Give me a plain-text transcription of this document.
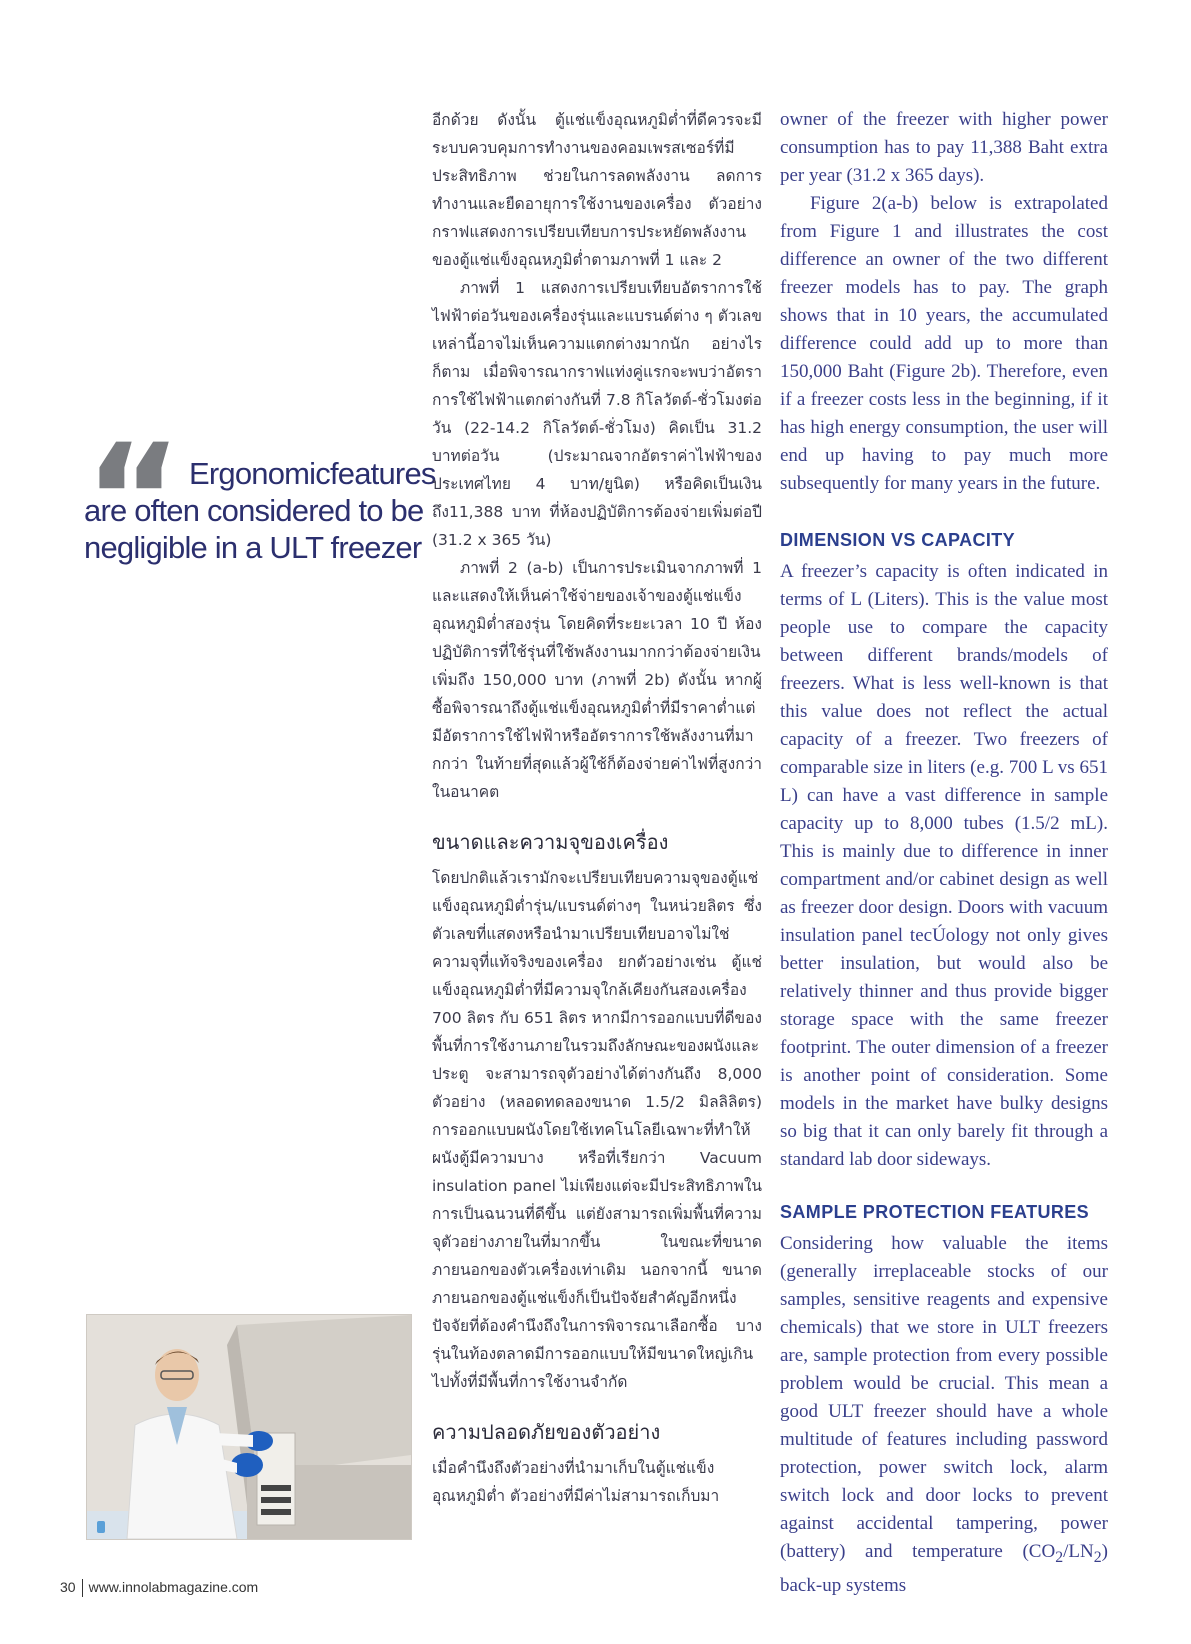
“ Ergonomicfeatures
are often considered to be
negligible in a ULT freezer

อีกด้วย ดังนั้น ตู้แช่แข็งอุณหภูมิต่ำที่ดีควรจะมีระบบควบคุมการทำงานของคอมเพรสเซอร์ที่มีประสิทธิภาพ ช่วยในการลดพลังงาน ลดการทำงานและยืดอายุการใช้งานของเครื่อง ตัวอย่างกราฟแสดงการเปรียบเทียบการประหยัดพลังงานของตู้แช่แข็งอุณหภูมิต่ำตามภาพที่ 1 และ 2

ภาพที่ 1 แสดงการเปรียบเทียบอัตราการใช้ไฟฟ้าต่อวันของเครื่องรุ่นและแบรนด์ต่าง ๆ ตัวเลขเหล่านี้อาจไม่เห็นความแตกต่างมากนัก อย่างไรก็ตาม เมื่อพิจารณากราฟแท่งคู่แรกจะพบว่าอัตราการใช้ไฟฟ้าแตกต่างกันที่ 7.8 กิโลวัตต์-ชั่วโมงต่อวัน (22-14.2 กิโลวัตต์-ชั่วโมง) คิดเป็น 31.2 บาทต่อวัน (ประมาณจากอัตราค่าไฟฟ้าของประเทศไทย 4 บาท/ยูนิต) หรือคิดเป็นเงินถึง11,388 บาท ที่ห้องปฏิบัติการต้องจ่ายเพิ่มต่อปี (31.2 x 365 วัน)

ภาพที่ 2 (a-b) เป็นการประเมินจากภาพที่ 1 และแสดงให้เห็นค่าใช้จ่ายของเจ้าของตู้แช่แข็งอุณหภูมิต่ำสองรุ่น โดยคิดที่ระยะเวลา 10 ปี ห้องปฏิบัติการที่ใช้รุ่นที่ใช้พลังงานมากกว่าต้องจ่ายเงินเพิ่มถึง 150,000 บาท (ภาพที่ 2b) ดังนั้น หากผู้ซื้อพิจารณาถึงตู้แช่แข็งอุณหภูมิต่ำที่มีราคาต่ำแต่มีอัตราการใช้ไฟฟ้าหรืออัตราการใช้พลังงานที่มากกว่า ในท้ายที่สุดแล้วผู้ใช้ก็ต้องจ่ายค่าไฟที่สูงกว่าในอนาคต

ขนาดและความจุของเครื่อง

โดยปกติแล้วเรามักจะเปรียบเทียบความจุของตู้แช่แข็งอุณหภูมิต่ำรุ่น/แบรนด์ต่างๆ ในหน่วยลิตร ซึ่งตัวเลขที่แสดงหรือนำมาเปรียบเทียบอาจไม่ใช่ความจุที่แท้จริงของเครื่อง ยกตัวอย่างเช่น ตู้แช่แข็งอุณหภูมิต่ำที่มีความจุใกล้เคียงกันสองเครื่อง 700 ลิตร กับ 651 ลิตร หากมีการออกแบบที่ดีของพื้นที่การใช้งานภายในรวมถึงลักษณะของผนังและประตู จะสามารถจุตัวอย่างได้ต่างกันถึง 8,000 ตัวอย่าง (หลอดทดลองขนาด 1.5/2 มิลลิลิตร) การออกแบบผนังโดยใช้เทคโนโลยีเฉพาะที่ทำให้ผนังตู้มีความบาง หรือที่เรียกว่า Vacuum insulation panel ไม่เพียงแต่จะมีประสิทธิภาพในการเป็นฉนวนที่ดีขึ้น แต่ยังสามารถเพิ่มพื้นที่ความจุตัวอย่างภายในที่มากขึ้น ในขณะที่ขนาดภายนอกของตัวเครื่องเท่าเดิม นอกจากนี้ ขนาดภายนอกของตู้แช่แข็งก็เป็นปัจจัยสำคัญอีกหนึ่งปัจจัยที่ต้องคำนึงถึงในการพิจารณาเลือกซื้อ บางรุ่นในท้องตลาดมีการออกแบบให้มีขนาดใหญ่เกินไปทั้งที่มีพื้นที่การใช้งานจำกัด

ความปลอดภัยของตัวอย่าง

เมื่อคำนึงถึงตัวอย่างที่นำมาเก็บในตู้แช่แข็งอุณหภูมิต่ำ ตัวอย่างที่มีค่าไม่สามารถเก็บมา

owner of the freezer with higher power consumption has to pay 11,388 Baht extra per year (31.2 x 365 days).

Figure 2(a-b) below is extrapolated from Figure 1 and illustrates the cost difference an owner of the two different freezer models has to pay. The graph shows that in 10 years, the accumulated difference could add up to more than 150,000 Baht (Figure 2b). Therefore, even if a freezer costs less in the beginning, if it has high energy consumption, the user will end up having to pay much more subsequently for many years in the future.

DIMENSION VS CAPACITY

A freezer’s capacity is often indicated in terms of L (Liters). This is the value most people use to compare the capacity between different brands/models of freezers. What is less well-known is that this value does not reflect the actual capacity of a freezer. Two freezers of comparable size in liters (e.g. 700 L vs 651 L) can have a vast difference in sample capacity up to 8,000 tubes (1.5/2 mL). This is mainly due to difference in inner compartment and/or cabinet design as well as freezer door design. Doors with vacuum insulation panel tecÚology not only gives better insulation, but would also be relatively thinner and thus provide bigger storage space with the same freezer footprint. The outer dimension of a freezer is another point of consideration. Some models in the market have bulky designs so big that it can only barely fit through a standard lab door sideways.

SAMPLE PROTECTION FEATURES

Considering how valuable the items (generally irreplaceable stocks of our samples, sensitive reagents and expensive chemicals) that we store in ULT freezers are, sample protection from every possible problem would be crucial. This mean a good ULT freezer should have a whole multitude of features including password protection, power switch lock, alarm switch lock and door locks to prevent against accidental tampering, power (battery) and temperature $(CO_2/LN_2)$ back-up systems

30 www.innolabmagazine.com
